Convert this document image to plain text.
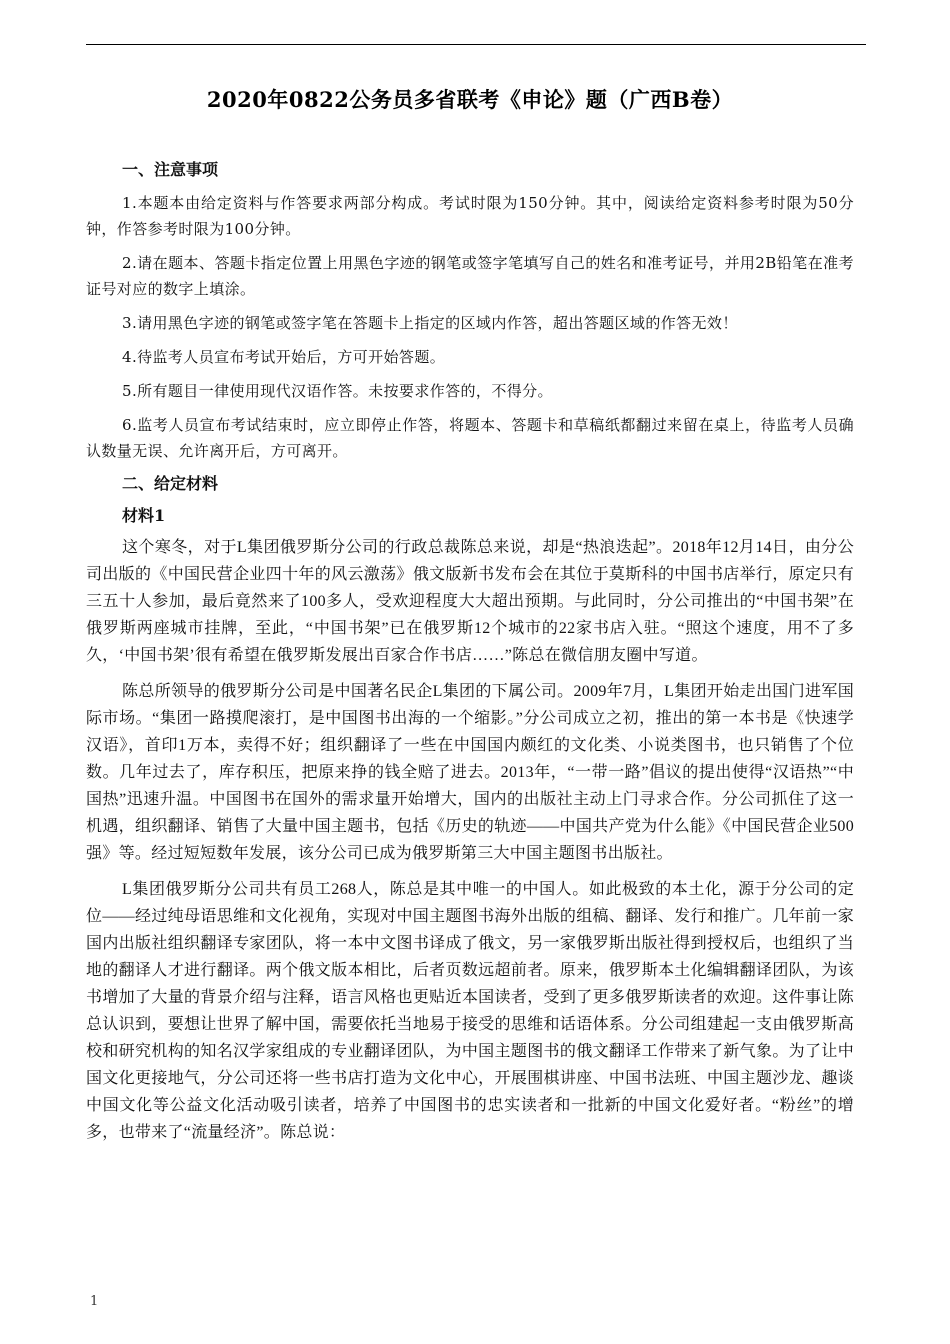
2020年0822公务员多省联考《申论》题（广西B卷）
一、注意事项

1.本题本由给定资料与作答要求两部分构成。考试时限为150分钟。其中，阅读给定资料参考时限为50分钟，作答参考时限为100分钟。

2.请在题本、答题卡指定位置上用黑色字迹的钢笔或签字笔填写自己的姓名和准考证号，并用2B铅笔在准考证号对应的数字上填涂。

3.请用黑色字迹的钢笔或签字笔在答题卡上指定的区域内作答，超出答题区域的作答无效！

4.待监考人员宣布考试开始后，方可开始答题。

5.所有题目一律使用现代汉语作答。未按要求作答的，不得分。

6.监考人员宣布考试结束时，应立即停止作答，将题本、答题卡和草稿纸都翻过来留在桌上，待监考人员确认数量无误、允许离开后，方可离开。

二、给定材料
材料1

这个寒冬，对于L集团俄罗斯分公司的行政总裁陈总来说，却是“热浪迭起”。2018年12月14日，由分公司出版的《中国民营企业四十年的风云激荡》俄文版新书发布会在其位于莫斯科的中国书店举行，原定只有三五十人参加，最后竟然来了100多人，受欢迎程度大大超出预期。与此同时，分公司推出的“中国书架”在俄罗斯两座城市挂牌，至此，“中国书架”已在俄罗斯12个城市的22家书店入驻。“照这个速度，用不了多久，‘中国书架’很有希望在俄罗斯发展出百家合作书店……”陈总在微信朋友圈中写道。

陈总所领导的俄罗斯分公司是中国著名民企L集团的下属公司。2009年7月，L集团开始走出国门进军国际市场。“集团一路摸爬滚打，是中国图书出海的一个缩影。”分公司成立之初，推出的第一本书是《快速学汉语》，首印1万本，卖得不好；组织翻译了一些在中国国内颇红的文化类、小说类图书，也只销售了个位数。几年过去了，库存积压，把原来挣的钱全赔了进去。2013年，“一带一路”倡议的提出使得“汉语热”“中国热”迅速升温。中国图书在国外的需求量开始增大，国内的出版社主动上门寻求合作。分公司抓住了这一机遇，组织翻译、销售了大量中国主题书，包括《历史的轨迹——中国共产党为什么能》《中国民营企业500强》等。经过短短数年发展，该分公司已成为俄罗斯第三大中国主题图书出版社。

L集团俄罗斯分公司共有员工268人，陈总是其中唯一的中国人。如此极致的本土化，源于分公司的定位——经过纯母语思维和文化视角，实现对中国主题图书海外出版的组稿、翻译、发行和推广。几年前一家国内出版社组织翻译专家团队，将一本中文图书译成了俄文，另一家俄罗斯出版社得到授权后，也组织了当地的翻译人才进行翻译。两个俄文版本相比，后者页数远超前者。原来，俄罗斯本土化编辑翻译团队，为该书增加了大量的背景介绍与注释，语言风格也更贴近本国读者，受到了更多俄罗斯读者的欢迎。这件事让陈总认识到，要想让世界了解中国，需要依托当地易于接受的思维和话语体系。分公司组建起一支由俄罗斯高校和研究机构的知名汉学家组成的专业翻译团队，为中国主题图书的俄文翻译工作带来了新气象。为了让中国文化更接地气，分公司还将一些书店打造为文化中心，开展围棋讲座、中国书法班、中国主题沙龙、趣谈中国文化等公益文化活动吸引读者，培养了中国图书的忠实读者和一批新的中国文化爱好者。“粉丝”的增多，也带来了“流量经济”。陈总说：

1
